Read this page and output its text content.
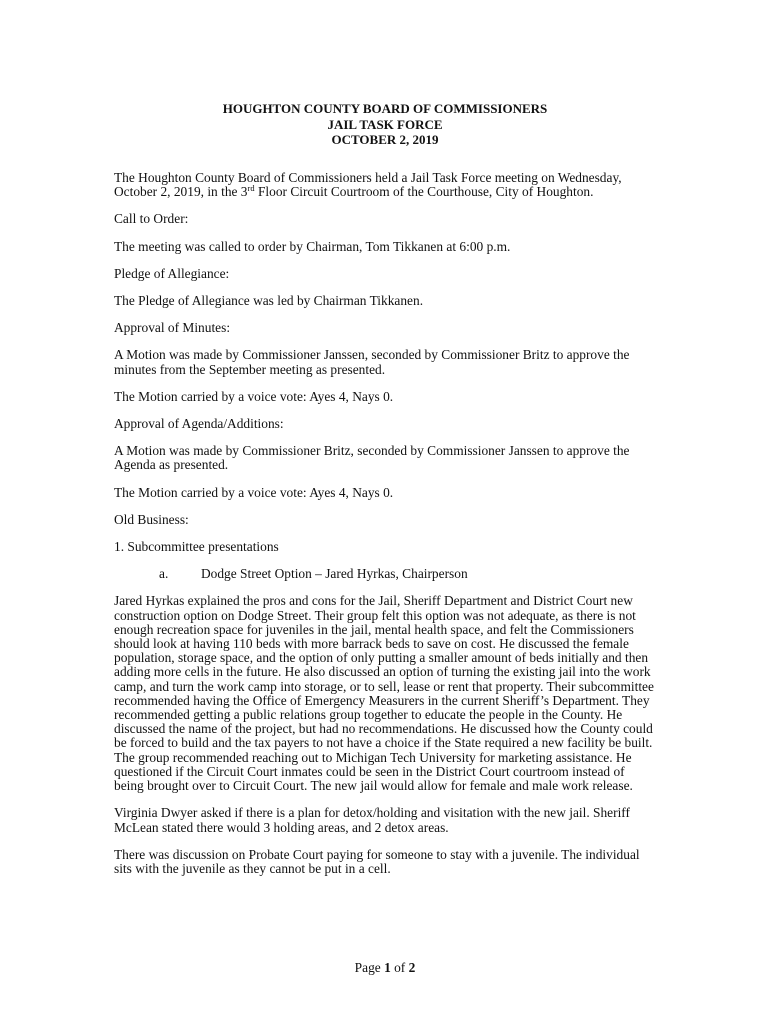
HOUGHTON COUNTY BOARD OF COMMISSIONERS
JAIL TASK FORCE
OCTOBER 2, 2019

The Houghton County Board of Commissioners held a Jail Task Force meeting on Wednesday, October 2, 2019, in the 3rd Floor Circuit Courtroom of the Courthouse, City of Houghton.

Call to Order:

The meeting was called to order by Chairman, Tom Tikkanen at 6:00 p.m.

Pledge of Allegiance:

The Pledge of Allegiance was led by Chairman Tikkanen.

Approval of Minutes:

A Motion was made by Commissioner Janssen, seconded by Commissioner Britz to approve the minutes from the September meeting as presented.

The Motion carried by a voice vote: Ayes 4, Nays 0.

Approval of Agenda/Additions:

A Motion was made by Commissioner Britz, seconded by Commissioner Janssen to approve the Agenda as presented.

The Motion carried by a voice vote: Ayes 4, Nays 0.

Old Business:

1. Subcommittee presentations

a.	Dodge Street Option – Jared Hyrkas, Chairperson

Jared Hyrkas explained the pros and cons for the Jail, Sheriff Department and District Court new construction option on Dodge Street. Their group felt this option was not adequate, as there is not enough recreation space for juveniles in the jail, mental health space, and felt the Commissioners should look at having 110 beds with more barrack beds to save on cost. He discussed the female population, storage space, and the option of only putting a smaller amount of beds initially and then adding more cells in the future. He also discussed an option of turning the existing jail into the work camp, and turn the work camp into storage, or to sell, lease or rent that property. Their subcommittee recommended having the Office of Emergency Measurers in the current Sheriff’s Department. They recommended getting a public relations group together to educate the people in the County. He discussed the name of the project, but had no recommendations. He discussed how the County could be forced to build and the tax payers to not have a choice if the State required a new facility be built. The group recommended reaching out to Michigan Tech University for marketing assistance. He questioned if the Circuit Court inmates could be seen in the District Court courtroom instead of being brought over to Circuit Court. The new jail would allow for female and male work release.

Virginia Dwyer asked if there is a plan for detox/holding and visitation with the new jail. Sheriff McLean stated there would 3 holding areas, and 2 detox areas.

There was discussion on Probate Court paying for someone to stay with a juvenile. The individual sits with the juvenile as they cannot be put in a cell.

Page 1 of 2
